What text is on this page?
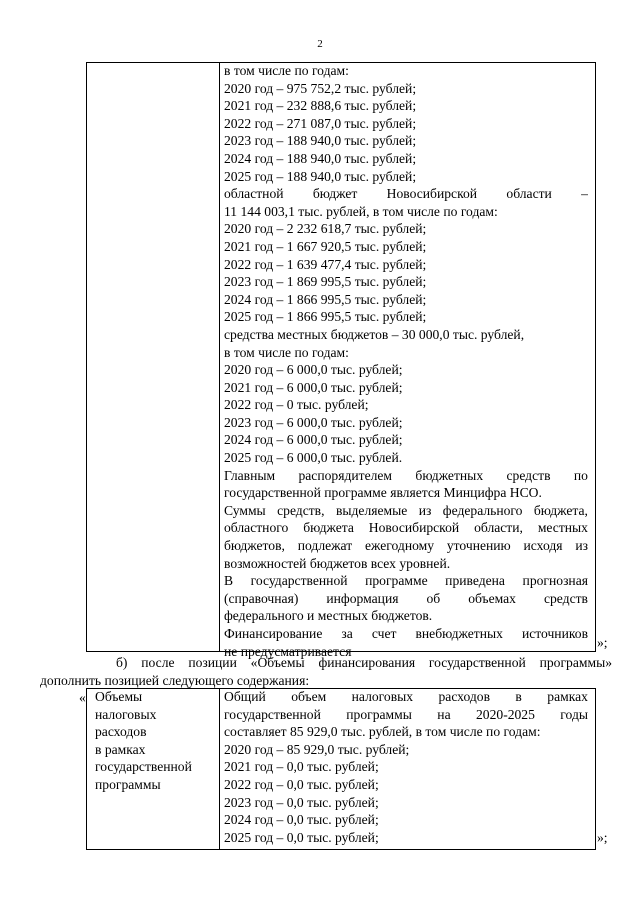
2
в том числе по годам:
2020 год – 975 752,2 тыс. рублей;
2021 год – 232 888,6 тыс. рублей;
2022 год – 271 087,0 тыс. рублей;
2023 год – 188 940,0 тыс. рублей;
2024 год – 188 940,0 тыс. рублей;
2025 год – 188 940,0 тыс. рублей;
областной бюджет Новосибирской области –
11 144 003,1 тыс. рублей, в том числе по годам:
2020 год – 2 232 618,7 тыс. рублей;
2021 год – 1 667 920,5 тыс. рублей;
2022 год – 1 639 477,4 тыс. рублей;
2023 год – 1 869 995,5 тыс. рублей;
2024 год – 1 866 995,5 тыс. рублей;
2025 год – 1 866 995,5 тыс. рублей;
средства местных бюджетов – 30 000,0 тыс. рублей,
в том числе по годам:
2020 год – 6 000,0 тыс. рублей;
2021 год – 6 000,0 тыс. рублей;
2022 год – 0 тыс. рублей;
2023 год – 6 000,0 тыс. рублей;
2024 год – 6 000,0 тыс. рублей;
2025 год – 6 000,0 тыс. рублей.
Главным распорядителем бюджетных средств по
государственной программе является Минцифра НСО.
Суммы средств, выделяемые из федерального бюджета,
областного бюджета Новосибирской области, местных
бюджетов, подлежат ежегодному уточнению исходя из
возможностей бюджетов всех уровней.
В государственной программе приведена прогнозная
(справочная) информация об объемах средств
федерального и местных бюджетов.
Финансирование за счет внебюджетных источников
не предусматривается
»;
б) после позиции «Объемы финансирования государственной программы»
дополнить позицией следующего содержания:
« Объемы
налоговых
расходов
в рамках
государственной
программы
Общий объем налоговых расходов в рамках
государственной программы на 2020-2025 годы
составляет 85 929,0 тыс. рублей, в том числе по годам:
2020 год – 85 929,0 тыс. рублей;
2021 год – 0,0 тыс. рублей;
2022 год – 0,0 тыс. рублей;
2023 год – 0,0 тыс. рублей;
2024 год – 0,0 тыс. рублей;
2025 год – 0,0 тыс. рублей;	»;
